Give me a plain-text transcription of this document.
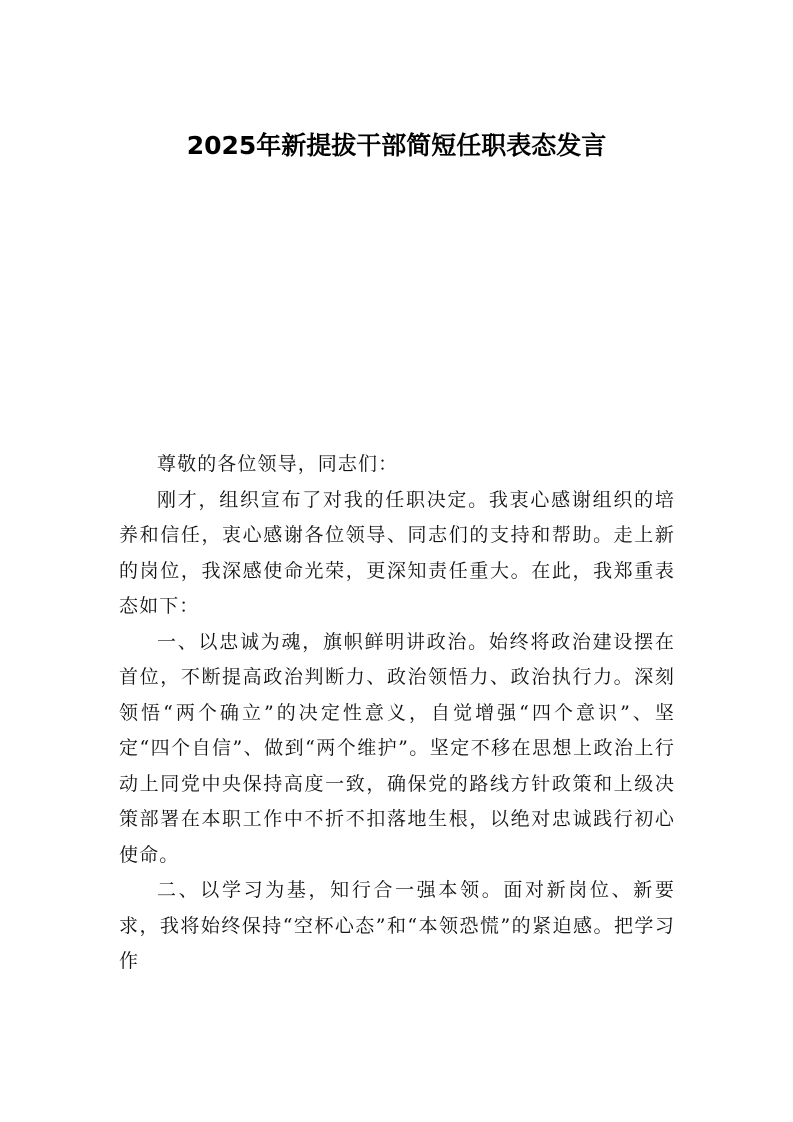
2025年新提拔干部简短任职表态发言

尊敬的各位领导，同志们：

刚才，组织宣布了对我的任职决定。我衷心感谢组织的培养和信任，衷心感谢各位领导、同志们的支持和帮助。走上新的岗位，我深感使命光荣，更深知责任重大。在此，我郑重表态如下：

一、以忠诚为魂，旗帜鲜明讲政治。始终将政治建设摆在首位，不断提高政治判断力、政治领悟力、政治执行力。深刻领悟“两个确立”的决定性意义，自觉增强“四个意识”、坚定“四个自信”、做到“两个维护”。坚定不移在思想上政治上行动上同党中央保持高度一致，确保党的路线方针政策和上级决策部署在本职工作中不折不扣落地生根，以绝对忠诚践行初心使命。

二、以学习为基，知行合一强本领。面对新岗位、新要求，我将始终保持“空杯心态”和“本领恐慌”的紧迫感。把学习作
